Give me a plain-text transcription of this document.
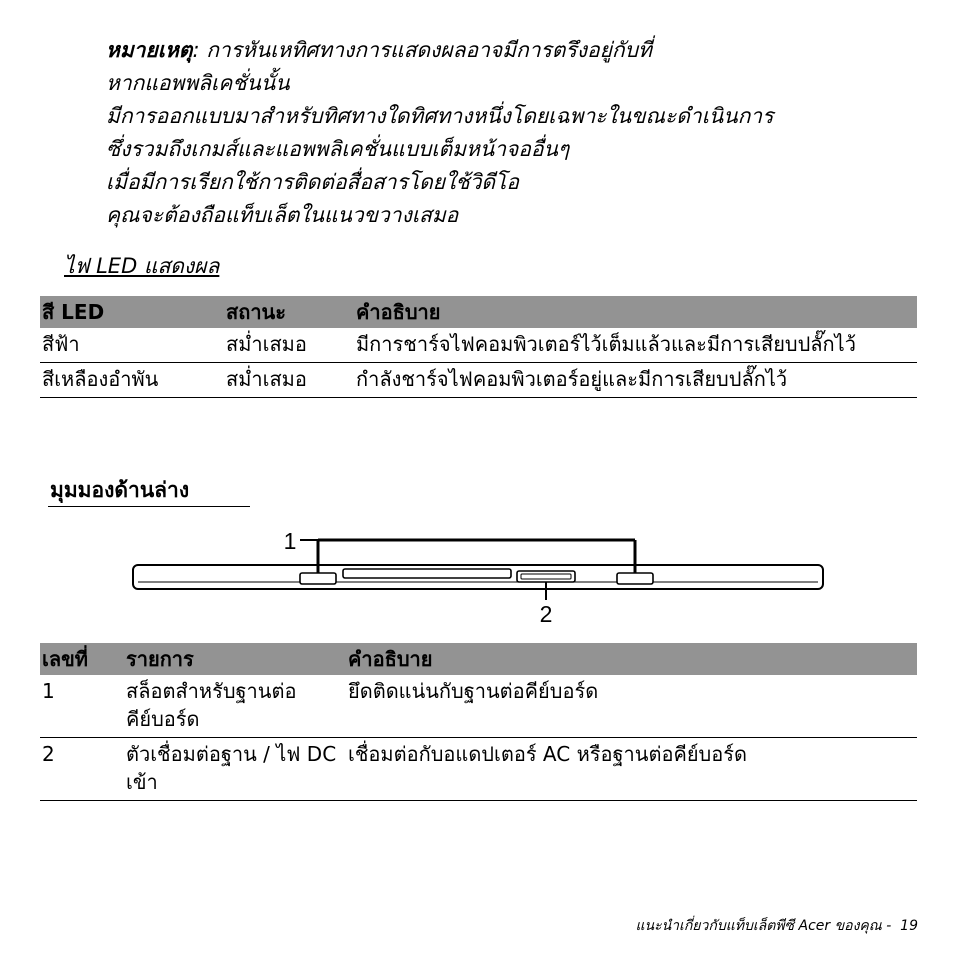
หมายเหตุ: การหันเหทิศทางการแสดงผลอาจมีการตรึงอยู่กับที่
หากแอพพลิเคชั่นนั้น
มีการออกแบบมาสำหรับทิศทางใดทิศทางหนึ่งโดยเฉพาะในขณะดำเนินการ
ซึ่งรวมถึงเกมส์และแอพพลิเคชั่นแบบเต็มหน้าจออื่นๆ
เมื่อมีการเรียกใช้การติดต่อสื่อสารโดยใช้วิดีโอ
คุณจะต้องถือแท็บเล็ตในแนวขวางเสมอ
ไฟ LED แสดงผล
สี LED	สถานะ	คำอธิบาย
สีฟ้า	สม่ำเสมอ	มีการชาร์จไฟคอมพิวเตอร์ไว้เต็มแล้วและมีการเสียบปลั๊กไว้
สีเหลืองอำพัน	สม่ำเสมอ	กำลังชาร์จไฟคอมพิวเตอร์อยู่และมีการเสียบปลั๊กไว้
มุมมองด้านล่าง
1
2
เลขที่	รายการ	คำอธิบาย
1	สล็อตสำหรับฐานต่อคีย์บอร์ด	ยึดติดแน่นกับฐานต่อคีย์บอร์ด
2	ตัวเชื่อมต่อฐาน / ไฟ DC เข้า	เชื่อมต่อกับอแดปเตอร์ AC หรือฐานต่อคีย์บอร์ด
แนะนำเกี่ยวกับแท็บเล็ตพีซี Acer ของคุณ - 19
